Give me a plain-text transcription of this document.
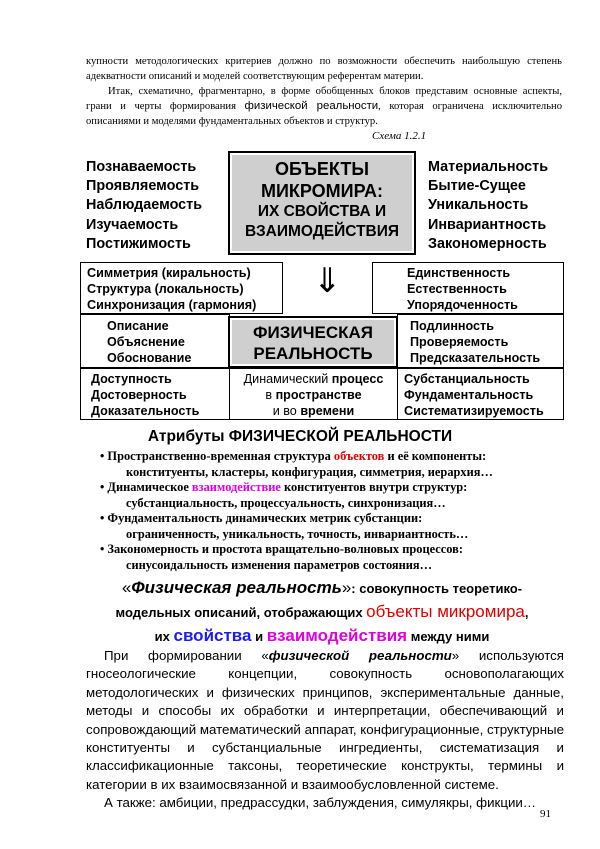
купности методологических критериев должно по возможности обеспечить наибольшую степень адекватности описаний и моделей соответствующим референтам материи.

Итак, схематично, фрагментарно, в форме обобщенных блоков представим основные аспекты, грани и черты формирования физической реальности, которая ограничена исключительно описаниями и моделями фундаментальных объектов и структур.

Схема 1.2.1
Познаваемость
Проявляемость
Наблюдаемость
Изучаемость
Постижимость
ОБЪЕКТЫ
МИКРОМИРА:
ИХ СВОЙСТВА И
ВЗАИМОДЕЙСТВИЯ
Материальность
Бытие-Сущее
Уникальность
Инвариантность
Закономерность
Симметрия (киральность)
Структура (локальность)
Синхронизация (гармония)
⇓	Единственность
Естественность
Упорядоченность
Описание
Объяснение
Обоснование
ФИЗИЧЕСКАЯ
РЕАЛЬНОСТЬ
Подлинность
Проверяемость
Предсказательность
Доступность
Достоверность
Доказательность
Динамический процесс
в пространстве
и во времени
Субстанциальность
Фундаментальность
Систематизируемость
Атрибуты ФИЗИЧЕСКОЙ РЕАЛЬНОСТИ
• Пространственно-временная структура объектов и её компоненты:
конституенты, кластеры, конфигурация, симметрия, иерархия…
• Динамическое взаимодействие конституентов внутри структур:
субстанциальность, процессуальность, синхронизация…
• Фундаментальность динамических метрик субстанции:
ограниченность, уникальность, точность, инвариантность…
• Закономерность и простота вращательно-волновых процессов:
синусоидальность изменения параметров состояния…
«Физическая реальность»: совокупность теоретико-
модельных описаний, отображающих объекты микромира,
их свойства и взаимодействия между ними

При формировании «физической реальности» используются гносеологические концепции, совокупность основополагающих методологических и физических принципов, экспериментальные данные, методы и способы их обработки и интерпретации, обеспечивающий и сопровождающий математический аппарат, конфигурационные, структурные конституенты и субстанциальные ингредиенты, систематизация и классификационные таксоны, теоретические конструкты, термины и категории в их взаимосвязанной и взаимообусловленной системе.

А также: амбиции, предрассудки, заблуждения, симулякры, фикции…

91
